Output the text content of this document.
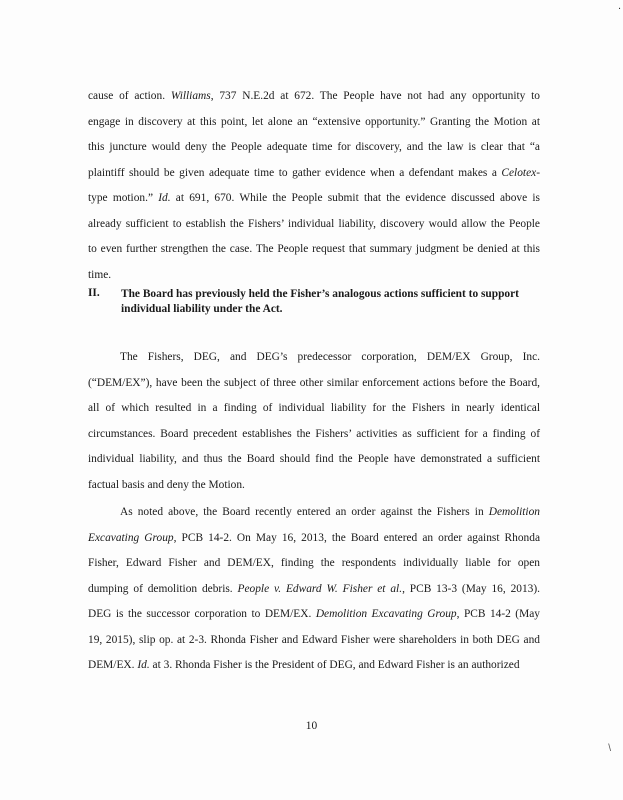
.
cause of action. Williams, 737 N.E.2d at 672. The People have not had any opportunity to
engage in discovery at this point, let alone an “extensive opportunity.” Granting the Motion at
this juncture would deny the People adequate time for discovery, and the law is clear that “a
plaintiff should be given adequate time to gather evidence when a defendant makes a Celotex-
type motion.” Id. at 691, 670. While the People submit that the evidence discussed above is
already sufficient to establish the Fishers’ individual liability, discovery would allow the People
to even further strengthen the case. The People request that summary judgment be denied at this
time.
II. The Board has previously held the Fisher’s analogous actions sufficient to support
individual liability under the Act.
The Fishers, DEG, and DEG’s predecessor corporation, DEM/EX Group, Inc.
(“DEM/EX”), have been the subject of three other similar enforcement actions before the Board,
all of which resulted in a finding of individual liability for the Fishers in nearly identical
circumstances. Board precedent establishes the Fishers’ activities as sufficient for a finding of
individual liability, and thus the Board should find the People have demonstrated a sufficient
factual basis and deny the Motion.
As noted above, the Board recently entered an order against the Fishers in Demolition
Excavating Group, PCB 14-2. On May 16, 2013, the Board entered an order against Rhonda
Fisher, Edward Fisher and DEM/EX, finding the respondents individually liable for open
dumping of demolition debris. People v. Edward W. Fisher et al., PCB 13-3 (May 16, 2013).
DEG is the successor corporation to DEM/EX. Demolition Excavating Group, PCB 14-2 (May
19, 2015), slip op. at 2-3. Rhonda Fisher and Edward Fisher were shareholders in both DEG and
DEM/EX. Id. at 3. Rhonda Fisher is the President of DEG, and Edward Fisher is an authorized
10
\
